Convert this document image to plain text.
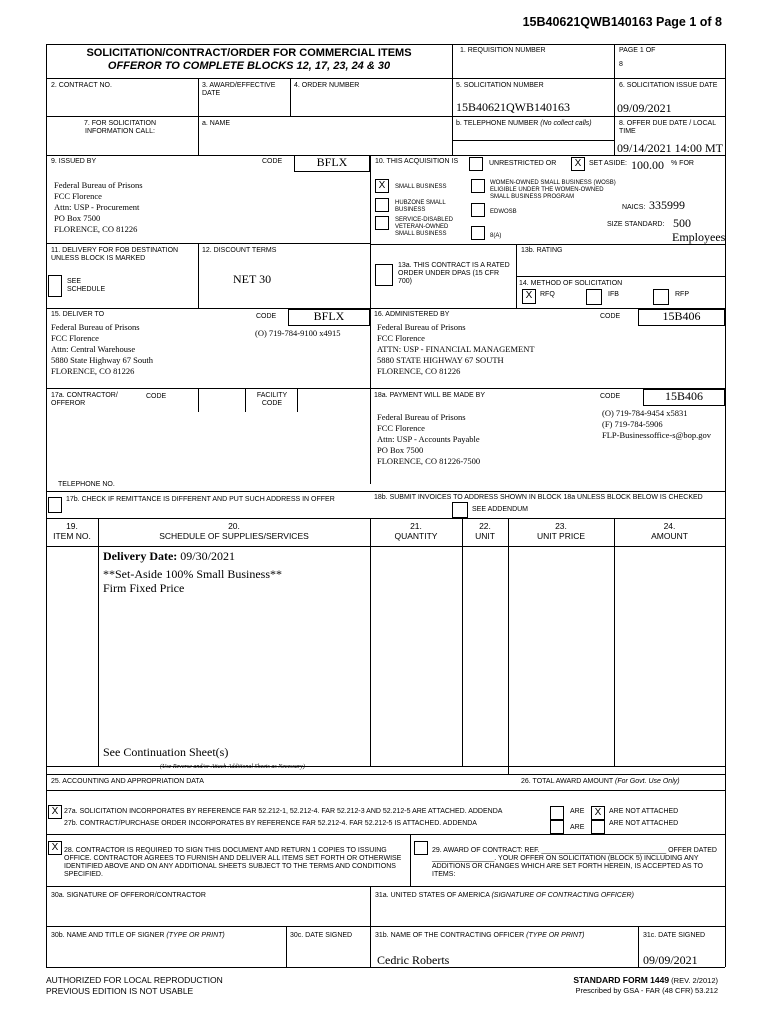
15B40621QWB140163 Page 1 of 8
SOLICITATION/CONTRACT/ORDER FOR COMMERCIAL ITEMS
OFFEROR TO COMPLETE BLOCKS 12, 17, 23, 24 & 30
1. REQUISITION NUMBER	PAGE 1 OF
8
2. CONTRACT NO.	3. AWARD/EFFECTIVE DATE
4. ORDER NUMBER	5. SOLICITATION NUMBER
15B40621QWB140163
6. SOLICITATION ISSUE DATE
09/09/2021
7. FOR SOLICITATION INFORMATION CALL:
a. NAME	b. TELEPHONE NUMBER (No collect calls)	8. OFFER DUE DATE / LOCAL TIME
09/14/2021 14:00 MT
9. ISSUED BY	CODE	BFLX
Federal Bureau of Prisons
FCC Florence
Attn: USP - Procurement
PO Box 7500
FLORENCE, CO 81226
10. THIS ACQUISITION IS	UNRESTRICTED OR	X	SET ASIDE: 100.00 % FOR
X	SMALL BUSINESS
HUBZONE SMALL BUSINESS
SERVICE-DISABLED VETERAN-OWNED SMALL BUSINESS
WOMEN-OWNED SMALL BUSINESS (WOSB) ELIGIBLE UNDER THE WOMEN-OWNED SMALL BUSINESS PROGRAM
EDWOSB
8(A)
NAICS: 335999
SIZE STANDARD: 500
Employees
11. DELIVERY FOR FOB DESTINATION UNLESS BLOCK IS MARKED
SEE SCHEDULE
12. DISCOUNT TERMS
NET 30
13a. THIS CONTRACT IS A RATED ORDER UNDER DPAS (15 CFR 700)
13b. RATING
14. METHOD OF SOLICITATION
X	RFQ	IFB	RFP
15. DELIVER TO	CODE	BFLX
Federal Bureau of Prisons
FCC Florence
Attn: Central Warehouse
5880 State Highway 67 South
FLORENCE, CO 81226
(O) 719-784-9100 x4915
16. ADMINISTERED BY	CODE	15B406
Federal Bureau of Prisons
FCC Florence
ATTN: USP - FINANCIAL MANAGEMENT
5880 STATE HIGHWAY 67 SOUTH
FLORENCE, CO 81226
17a. CONTRACTOR/ OFFEROR
CODE	FACILITY CODE
TELEPHONE NO.
18a. PAYMENT WILL BE MADE BY	CODE	15B406
Federal Bureau of Prisons
FCC Florence
Attn: USP - Accounts Payable
PO Box 7500
FLORENCE, CO 81226-7500
(O) 719-784-9454 x5831
(F) 719-784-5906
FLP-Businessoffice-s@bop.gov
17b. CHECK IF REMITTANCE IS DIFFERENT AND PUT SUCH ADDRESS IN OFFER	18b. SUBMIT INVOICES TO ADDRESS SHOWN IN BLOCK 18a UNLESS BLOCK BELOW IS CHECKED
SEE ADDENDUM
19.
ITEM NO.
20.
SCHEDULE OF SUPPLIES/SERVICES
21.
QUANTITY
22.
UNIT
23.
UNIT PRICE
24.
AMOUNT
Delivery Date: 09/30/2021
**Set-Aside 100% Small Business**
Firm Fixed Price
See Continuation Sheet(s)
(Use Reverse and/or Attach Additional Sheets as Necessary)
25. ACCOUNTING AND APPROPRIATION DATA	26. TOTAL AWARD AMOUNT (For Govt. Use Only)
X 27a. SOLICITATION INCORPORATES BY REFERENCE FAR 52.212-1, 52.212-4. FAR 52.212-3 AND 52.212-5 ARE ATTACHED. ADDENDA
27b. CONTRACT/PURCHASE ORDER INCORPORATES BY REFERENCE FAR 52.212-4. FAR 52.212-5 IS ATTACHED. ADDENDA
ARE	X	ARE NOT ATTACHED
ARE
ARE NOT ATTACHED
X 28. CONTRACTOR IS REQUIRED TO SIGN THIS DOCUMENT AND RETURN 1 COPIES TO ISSUING OFFICE. CONTRACTOR AGREES TO FURNISH AND DELIVER ALL ITEMS SET FORTH OR OTHERWISE IDENTIFIED ABOVE AND ON ANY ADDITIONAL SHEETS SUBJECT TO THE TERMS AND CONDITIONS SPECIFIED.
29. AWARD OF CONTRACT: REF. ________________________________ OFFER DATED ________________. YOUR OFFER ON SOLICITATION (BLOCK 5) INCLUDING ANY ADDITIONS OR CHANGES WHICH ARE SET FORTH HEREIN, IS ACCEPTED AS TO ITEMS:
30a. SIGNATURE OF OFFEROR/CONTRACTOR	31a. UNITED STATES OF AMERICA (SIGNATURE OF CONTRACTING OFFICER)
30b. NAME AND TITLE OF SIGNER (TYPE OR PRINT)	30c. DATE SIGNED	31b. NAME OF THE CONTRACTING OFFICER (TYPE OR PRINT)
Cedric Roberts
31c. DATE SIGNED
09/09/2021
AUTHORIZED FOR LOCAL REPRODUCTION
PREVIOUS EDITION IS NOT USABLE
STANDARD FORM 1449 (REV. 2/2012)
Prescribed by GSA - FAR (48 CFR) 53.212
